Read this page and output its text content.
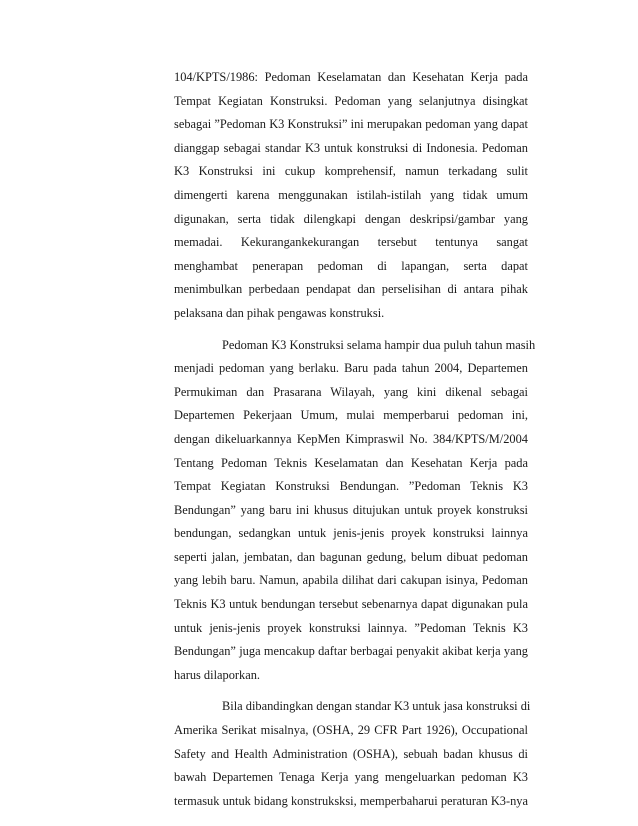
104/KPTS/1986: Pedoman Keselamatan dan Kesehatan Kerja pada
Tempat Kegiatan Konstruksi. Pedoman yang selanjutnya disingkat
sebagai ”Pedoman K3 Konstruksi” ini merupakan pedoman yang dapat
dianggap sebagai standar K3 untuk konstruksi di Indonesia. Pedoman
K3 Konstruksi ini cukup komprehensif, namun terkadang sulit
dimengerti karena menggunakan istilah-istilah yang tidak umum
digunakan, serta tidak dilengkapi dengan deskripsi/gambar yang
memadai. Kekurangankekurangan tersebut tentunya sangat
menghambat penerapan pedoman di lapangan, serta dapat
menimbulkan perbedaan pendapat dan perselisihan di antara pihak
pelaksana dan pihak pengawas konstruksi.
Pedoman K3 Konstruksi selama hampir dua puluh tahun masih
menjadi pedoman yang berlaku. Baru pada tahun 2004, Departemen
Permukiman dan Prasarana Wilayah, yang kini dikenal sebagai
Departemen Pekerjaan Umum, mulai memperbarui pedoman ini,
dengan dikeluarkannya KepMen Kimpraswil No. 384/KPTS/M/2004
Tentang Pedoman Teknis Keselamatan dan Kesehatan Kerja pada
Tempat Kegiatan Konstruksi Bendungan. ”Pedoman Teknis K3
Bendungan” yang baru ini khusus ditujukan untuk proyek konstruksi
bendungan, sedangkan untuk jenis-jenis proyek konstruksi lainnya
seperti jalan, jembatan, dan bagunan gedung, belum dibuat pedoman
yang lebih baru. Namun, apabila dilihat dari cakupan isinya, Pedoman
Teknis K3 untuk bendungan tersebut sebenarnya dapat digunakan pula
untuk jenis-jenis proyek konstruksi lainnya. ”Pedoman Teknis K3
Bendungan” juga mencakup daftar berbagai penyakit akibat kerja yang
harus dilaporkan.
Bila dibandingkan dengan standar K3 untuk jasa konstruksi di
Amerika Serikat misalnya, (OSHA, 29 CFR Part 1926), Occupational
Safety and Health Administration (OSHA), sebuah badan khusus di
bawah Departemen Tenaga Kerja yang mengeluarkan pedoman K3
termasuk untuk bidang konstruksksi, memperbaharui peraturan K3-nya
